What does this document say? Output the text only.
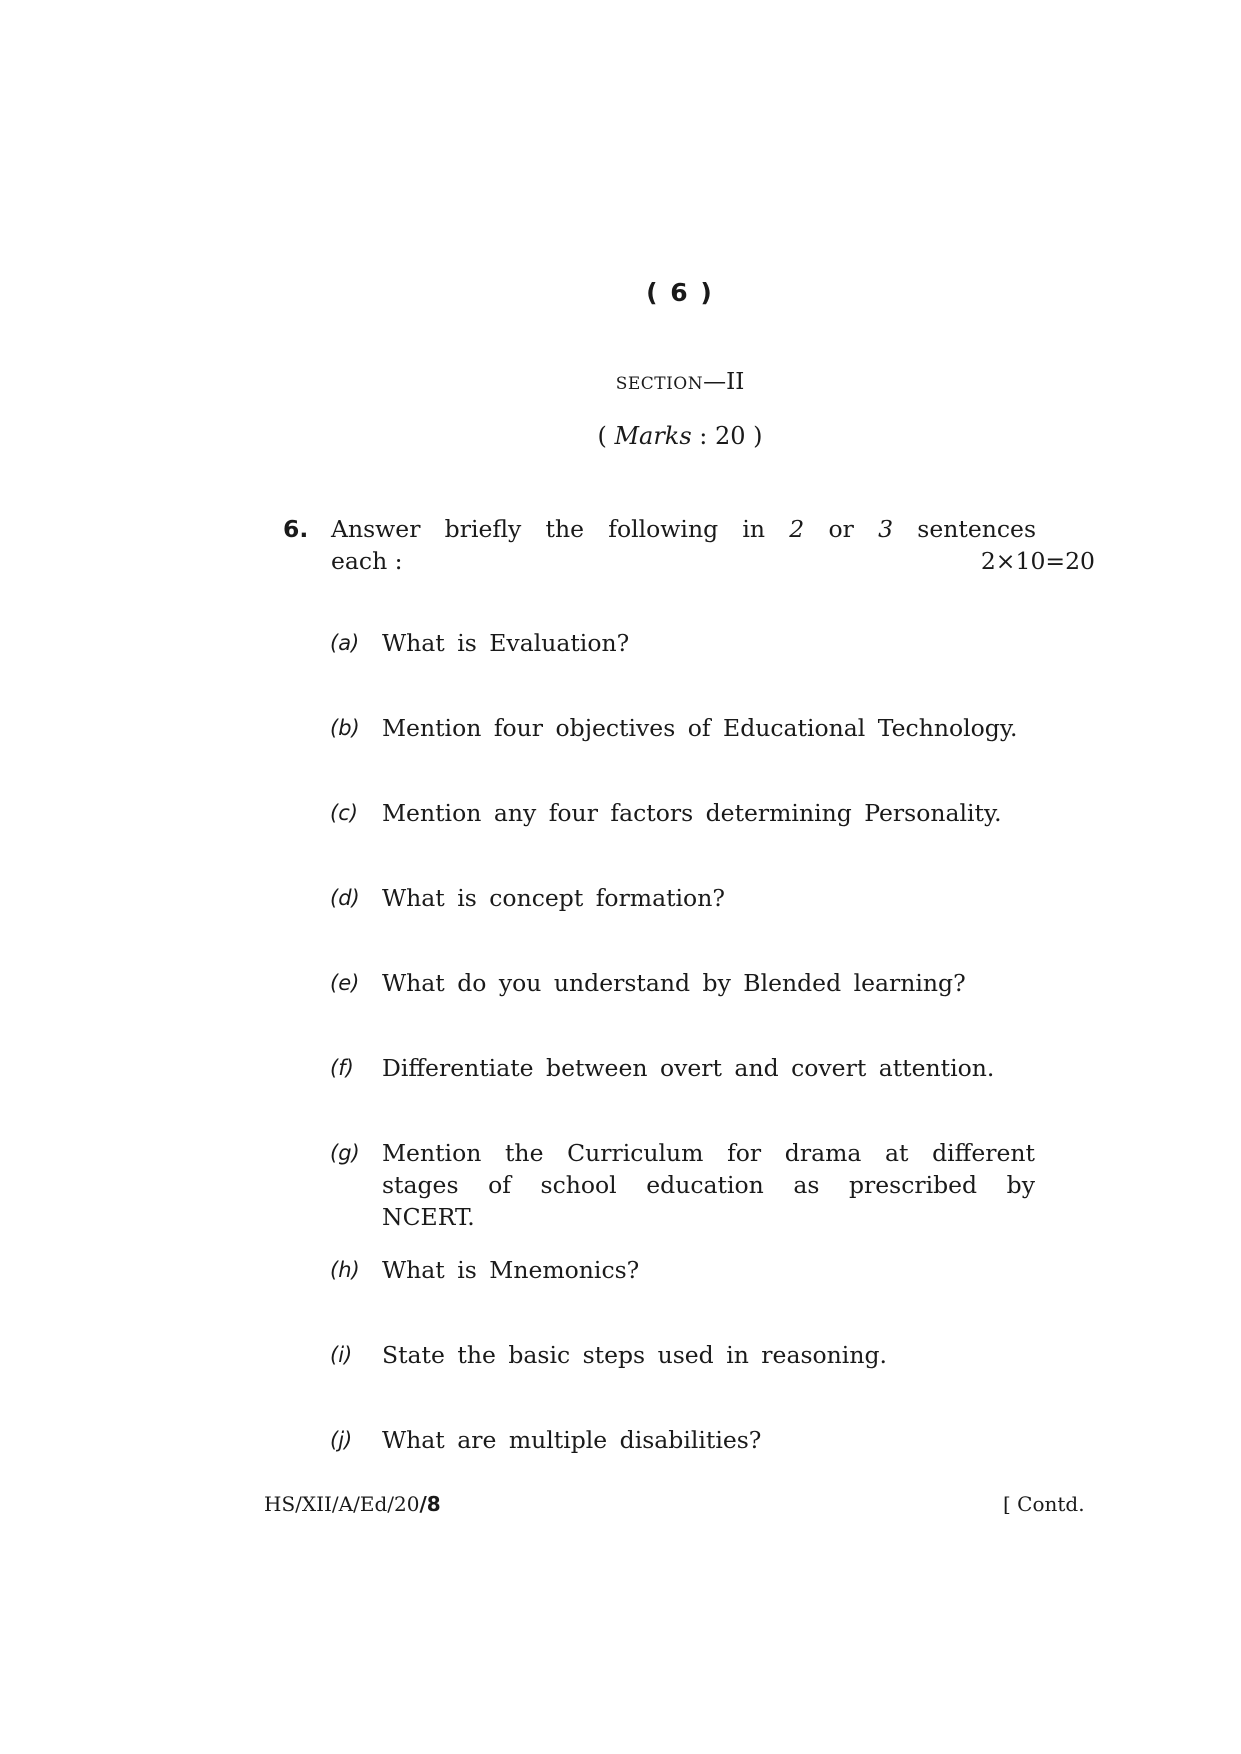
( 6 )
SECTION—II
( Marks : 20 )
6. Answer briefly the following in 2 or 3 sentences
each :	2×10=20
(a) What is Evaluation?
(b) Mention four objectives of Educational Technology.
(c) Mention any four factors determining Personality.
(d) What is concept formation?
(e) What do you understand by Blended learning?
(f) Differentiate between overt and covert attention.
(g) Mention the Curriculum for drama at different stages of school education as prescribed by NCERT.
(h) What is Mnemonics?
(i) State the basic steps used in reasoning.
(j) What are multiple disabilities?
HS/XII/A/Ed/20/8	[ Contd.
